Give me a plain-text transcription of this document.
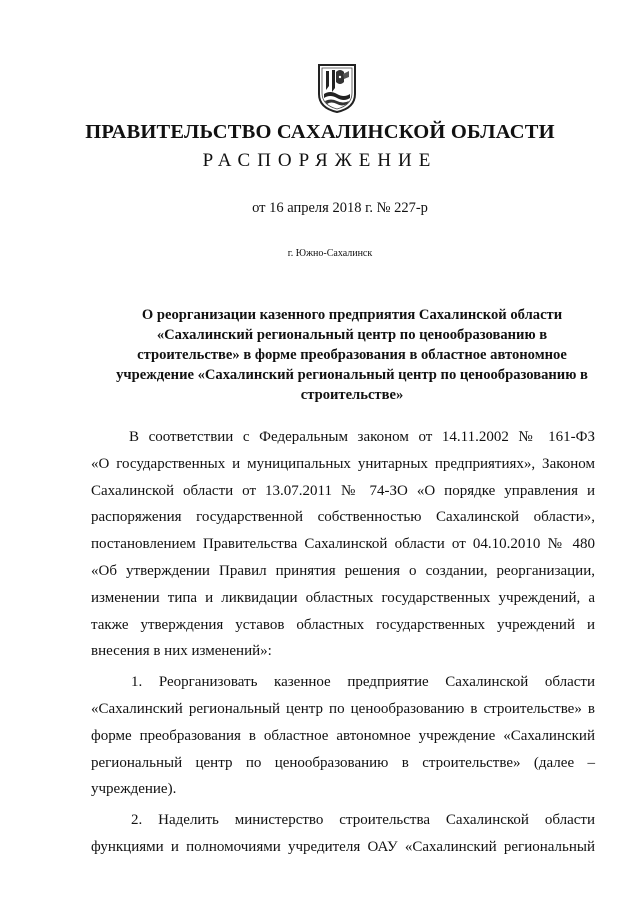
ПРАВИТЕЛЬСТВО САХАЛИНСКОЙ ОБЛАСТИ
РАСПОРЯЖЕНИЕ
от 16 апреля 2018 г. № 227-р
г. Южно-Сахалинск
О реорганизации казенного предприятия Сахалинской области
«Сахалинский региональный центр по ценообразованию в
строительстве» в форме преобразования в областное автономное
учреждение «Сахалинский региональный центр по ценообразованию в
строительстве»
В соответствии с Федеральным законом от 14.11.2002 № 161-ФЗ
«О государственных и муниципальных унитарных предприятиях», Законом
Сахалинской области от 13.07.2011 № 74-ЗО «О порядке управления и
распоряжения государственной собственностью Сахалинской области»,
постановлением Правительства Сахалинской области от 04.10.2010 № 480
«Об утверждении Правил принятия решения о создании, реорганизации,
изменении типа и ликвидации областных государственных учреждений, а
также утверждения уставов областных государственных учреждений и
внесения в них изменений»:
1. Реорганизовать казенное предприятие Сахалинской области
«Сахалинский региональный центр по ценообразованию в строительстве» в
форме преобразования в областное автономное учреждение «Сахалинский
региональный центр по ценообразованию в строительстве» (далее –
учреждение).
2. Наделить министерство строительства Сахалинской области
функциями и полномочиями учредителя ОАУ «Сахалинский региональный
